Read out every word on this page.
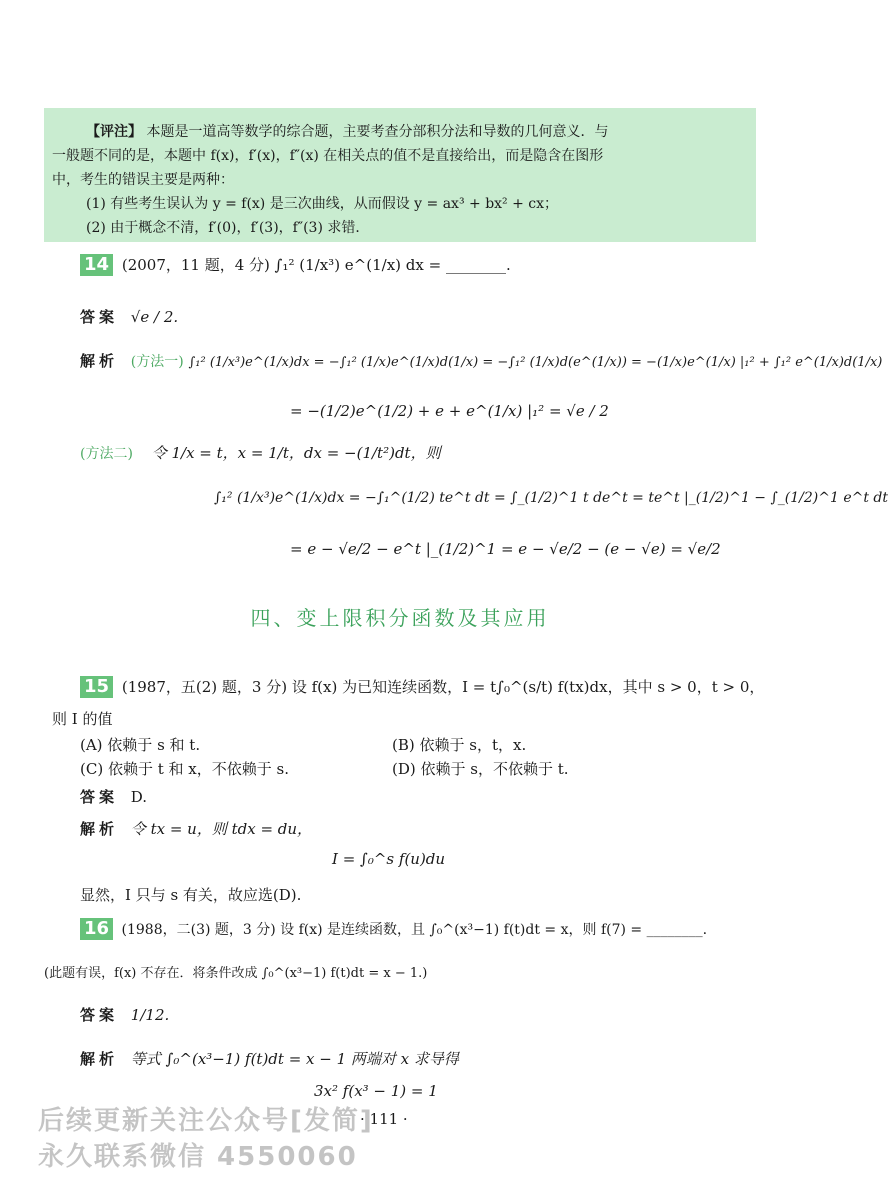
【评注】 本题是一道高等数学的综合题，主要考查分部积分法和导数的几何意义．与
一般题不同的是，本题中 f(x)，f′(x)，f″(x) 在相关点的值不是直接给出，而是隐含在图形
中，考生的错误主要是两种：
(1) 有些考生误认为 y = f(x) 是三次曲线，从而假设 y = ax³ + bx² + cx；
(2) 由于概念不清，f′(0)，f′(3)，f″(3) 求错．
14 (2007，11 题，4 分) ∫₁² (1/x³) e^(1/x) dx = ________.
答案 √e / 2.
解析 (方法一) ∫₁² (1/x³)e^(1/x)dx = −∫₁² (1/x)e^(1/x)d(1/x) = −∫₁² (1/x)d(e^(1/x)) = −(1/x)e^(1/x) |₁² + ∫₁² e^(1/x)d(1/x)
= −(1/2)e^(1/2) + e + e^(1/x) |₁² = √e / 2
(方法二) 令 1/x = t，x = 1/t，dx = −(1/t²)dt，则
∫₁² (1/x³)e^(1/x)dx = −∫₁^(1/2) te^t dt = ∫_(1/2)^1 t de^t = te^t |_(1/2)^1 − ∫_(1/2)^1 e^t dt
= e − √e/2 − e^t |_(1/2)^1 = e − √e/2 − (e − √e) = √e/2
四、变上限积分函数及其应用
15 (1987，五(2) 题，3 分) 设 f(x) 为已知连续函数，I = t∫₀^(s/t) f(tx)dx，其中 s > 0，t > 0，
则 I 的值
(A) 依赖于 s 和 t.	(B) 依赖于 s，t，x.
(C) 依赖于 t 和 x，不依赖于 s.	(D) 依赖于 s，不依赖于 t.
答案 D.
解析 令 tx = u，则 tdx = du，
I = ∫₀^s f(u)du
显然，I 只与 s 有关，故应选(D).
16 (1988，二(3) 题，3 分) 设 f(x) 是连续函数，且 ∫₀^(x³−1) f(t)dt = x，则 f(7) = ________.
(此题有误，f(x) 不存在．将条件改成 ∫₀^(x³−1) f(t)dt = x − 1.)
答案 1/12.
解析 等式 ∫₀^(x³−1) f(t)dt = x − 1 两端对 x 求导得
3x² f(x³ − 1) = 1
· 111 ·
后续更新关注公众号[发简]
永久联系微信 4550060
